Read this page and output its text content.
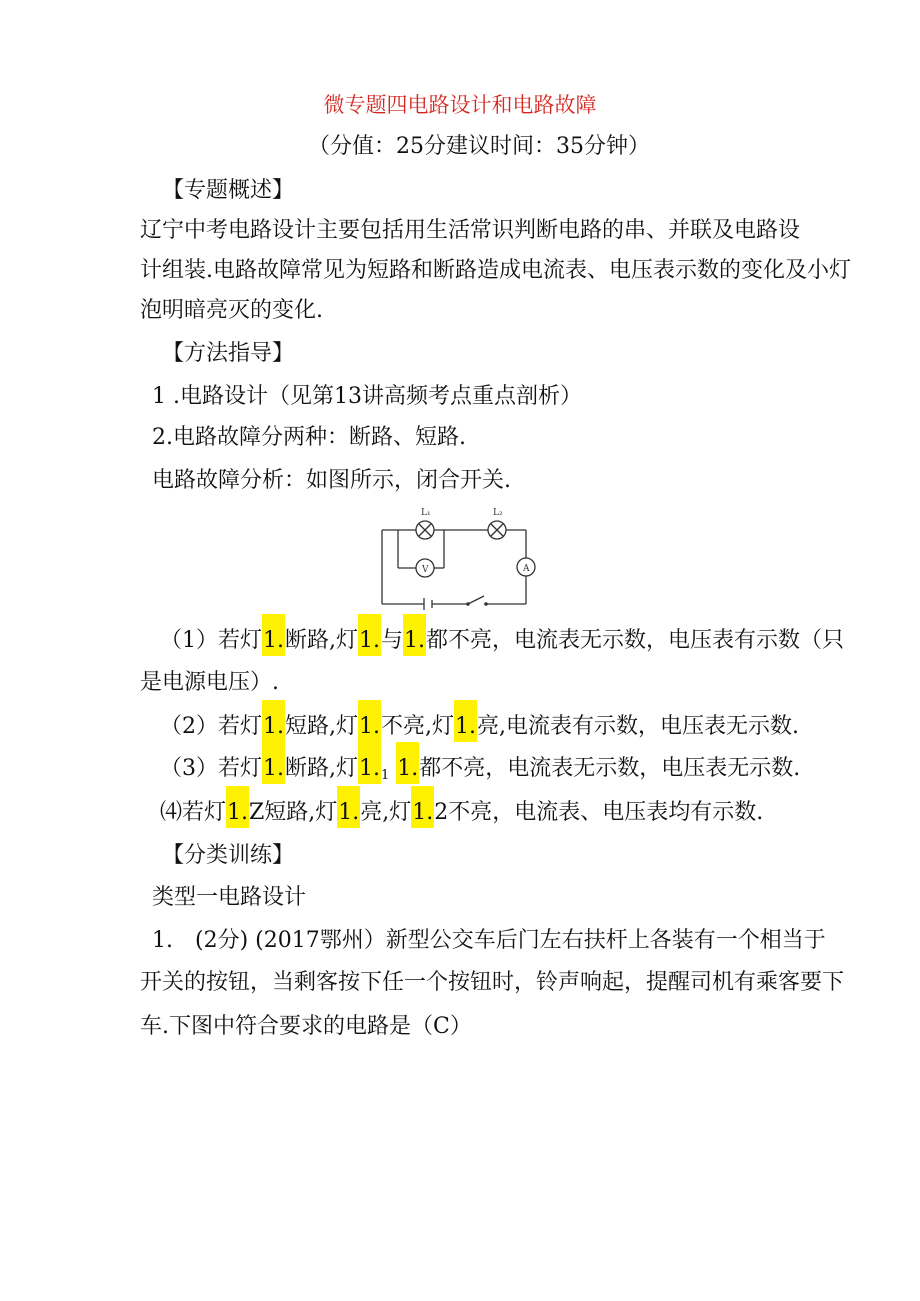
微专题四电路设计和电路故障
（分值：25分建议时间：35分钟）
【专题概述】
辽宁中考电路设计主要包括用生活常识判断电路的串、并联及电路设
计组装.电路故障常见为短路和断路造成电流表、电压表示数的变化及小灯
泡明暗亮灭的变化.
【方法指导】
1 .电路设计（见第13讲高频考点重点剖析）
2.电路故障分两种：断路、短路.
电路故障分析：如图所示，闭合开关.
L₁	L₂
V	A
（1）若灯1.断路,灯1.与1.都不亮，电流表无示数，电压表有示数（只
是电源电压）.
（2）若灯1.短路,灯1.不亮,灯1.亮,电流表有示数，电压表无示数.
（3）若灯1.断路,灯$1._1$ 1.都不亮，电流表无示数，电压表无示数.
⑷若灯1.Z短路,灯1.亮,灯1.2不亮，电流表、电压表均有示数.
【分类训练】
类型一电路设计
1.　(2分) (2017鄂州）新型公交车后门左右扶杆上各装有一个相当于
开关的按钮，当剩客按下任一个按钮时，铃声响起，提醒司机有乘客要下
车.下图中符合要求的电路是（C）
